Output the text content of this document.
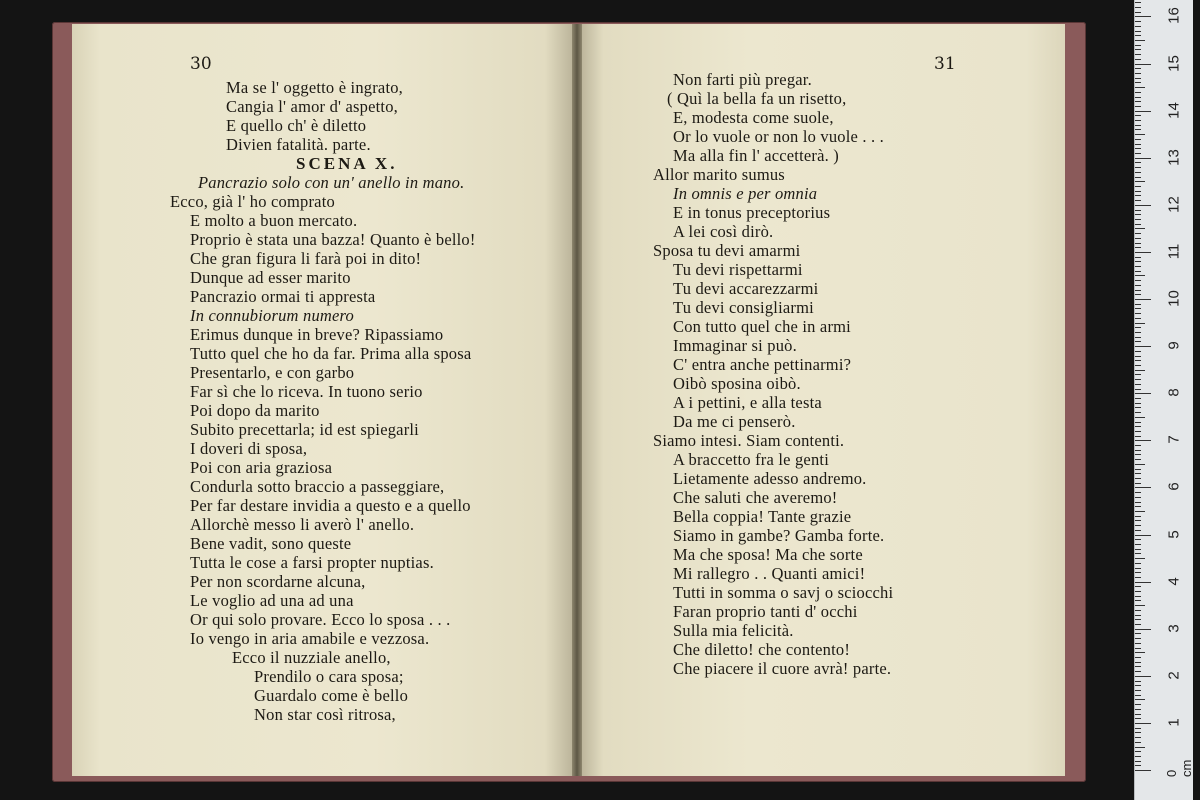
30
Ma se l' oggetto è ingrato,
Cangia l' amor d' aspetto,
E quello ch' è diletto
Divien fatalità. parte.
SCENA X.
Pancrazio solo con un' anello in mano.
Ecco, già l' ho comprato
E molto a buon mercato.
Proprio è stata una bazza! Quanto è bello!
Che gran figura li farà poi in dito!
Dunque ad esser marito
Pancrazio ormai ti appresta
In connubiorum numero
Erimus dunque in breve? Ripassiamo
Tutto quel che ho da far. Prima alla sposa
Presentarlo, e con garbo
Far sì che lo riceva. In tuono serio
Poi dopo da marito
Subito precettarla; id est spiegarli
I doveri di sposa,
Poi con aria graziosa
Condurla sotto braccio a passeggiare,
Per far destare invidia a questo e a quello
Allorchè messo li averò l' anello.
Bene vadit, sono queste
Tutta le cose a farsi propter nuptias.
Per non scordarne alcuna,
Le voglio ad una ad una
Or qui solo provare. Ecco lo sposa . . .
Io vengo in aria amabile e vezzosa.
Ecco il nuzziale anello,
Prendilo o cara sposa;
Guardalo come è bello
Non star così ritrosa,
31
Non farti più pregar.
( Quì la bella fa un risetto,
E, modesta come suole,
Or lo vuole or non lo vuole . . .
Ma alla fin l' accetterà. )
Allor marito sumus
In omnis e per omnia
E in tonus preceptorius
A lei così dirò.
Sposa tu devi amarmi
Tu devi rispettarmi
Tu devi accarezzarmi
Tu devi consigliarmi
Con tutto quel che in armi
Immaginar si può.
C' entra anche pettinarmi?
Oibò sposina oibò.
A i pettini, e alla testa
Da me ci penserò.
Siamo intesi. Siam contenti.
A braccetto fra le genti
Lietamente adesso andremo.
Che saluti che averemo!
Bella coppia! Tante grazie
Siamo in gambe? Gamba forte.
Ma che sposa! Ma che sorte
Mi rallegro . . Quanti amici!
Tutti in somma o savj o sciocchi
Faran proprio tanti d' occhi
Sulla mia felicità.
Che diletto! che contento!
Che piacere il cuore avrà! parte.
0 cm
1
2
3
4
5
6
7
8
9
10
11
12
13
14
15
16
